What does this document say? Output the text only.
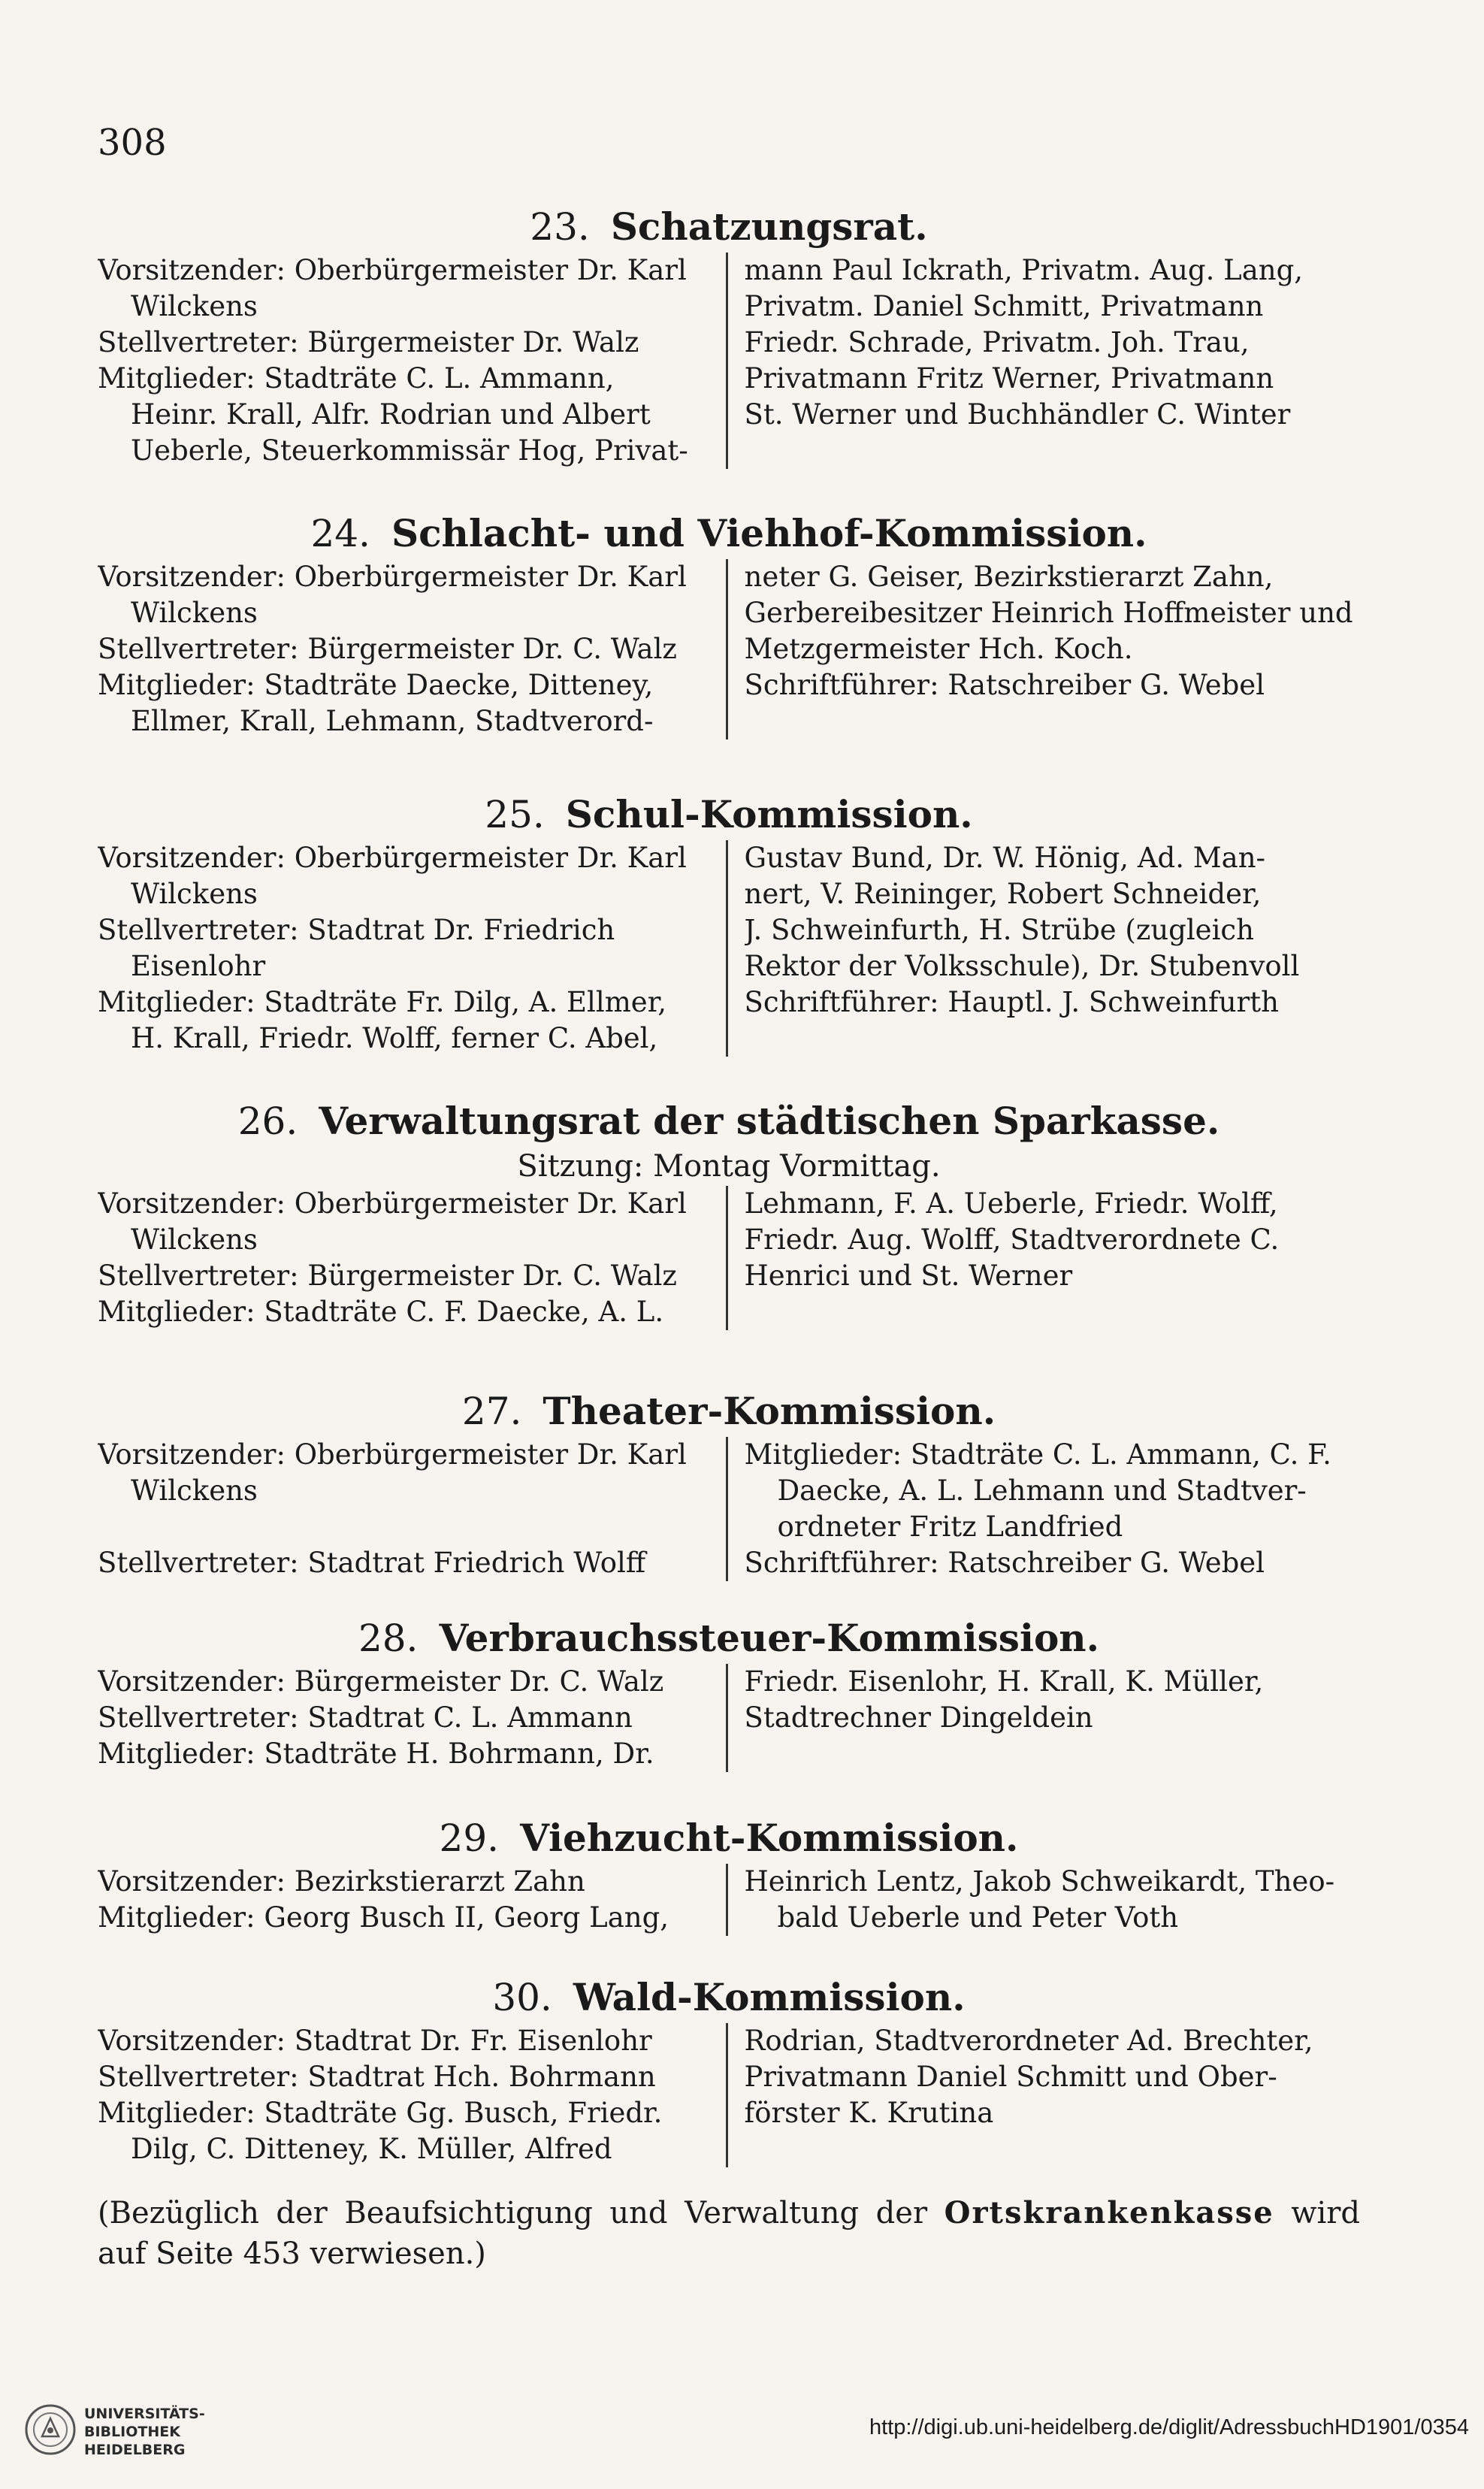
308
23. Schatzungsrat.
Vorsitzender: Oberbürgermeister Dr. Karl
Wilckens
Stellvertreter: Bürgermeister Dr. Walz
Mitglieder: Stadträte C. L. Ammann,
Heinr. Krall, Alfr. Rodrian und Albert
Ueberle, Steuerkommissär Hog, Privat-
mann Paul Ickrath, Privatm. Aug. Lang,
Privatm. Daniel Schmitt, Privatmann
Friedr. Schrade, Privatm. Joh. Trau,
Privatmann Fritz Werner, Privatmann
St. Werner und Buchhändler C. Winter
24. Schlacht- und Viehhof-Kommission.
Vorsitzender: Oberbürgermeister Dr. Karl
Wilckens
Stellvertreter: Bürgermeister Dr. C. Walz
Mitglieder: Stadträte Daecke, Ditteney,
Ellmer, Krall, Lehmann, Stadtverord-
neter G. Geiser, Bezirkstierarzt Zahn,
Gerbereibesitzer Heinrich Hoffmeister und
Metzgermeister Hch. Koch.
Schriftführer: Ratschreiber G. Webel
25. Schul-Kommission.
Vorsitzender: Oberbürgermeister Dr. Karl
Wilckens
Stellvertreter: Stadtrat Dr. Friedrich
Eisenlohr
Mitglieder: Stadträte Fr. Dilg, A. Ellmer,
H. Krall, Friedr. Wolff, ferner C. Abel,
Gustav Bund, Dr. W. Hönig, Ad. Man-
nert, V. Reininger, Robert Schneider,
J. Schweinfurth, H. Strübe (zugleich
Rektor der Volksschule), Dr. Stubenvoll
Schriftführer: Hauptl. J. Schweinfurth
26. Verwaltungsrat der städtischen Sparkasse.
Sitzung: Montag Vormittag.
Vorsitzender: Oberbürgermeister Dr. Karl
Wilckens
Stellvertreter: Bürgermeister Dr. C. Walz
Mitglieder: Stadträte C. F. Daecke, A. L.
Lehmann, F. A. Ueberle, Friedr. Wolff,
Friedr. Aug. Wolff, Stadtverordnete C.
Henrici und St. Werner
27. Theater-Kommission.
Vorsitzender: Oberbürgermeister Dr. Karl
Wilckens

Stellvertreter: Stadtrat Friedrich Wolff
Mitglieder: Stadträte C. L. Ammann, C. F.
Daecke, A. L. Lehmann und Stadtver-
ordneter Fritz Landfried
Schriftführer: Ratschreiber G. Webel
28. Verbrauchssteuer-Kommission.
Vorsitzender: Bürgermeister Dr. C. Walz
Stellvertreter: Stadtrat C. L. Ammann
Mitglieder: Stadträte H. Bohrmann, Dr.
Friedr. Eisenlohr, H. Krall, K. Müller,
Stadtrechner Dingeldein
29. Viehzucht-Kommission.
Vorsitzender: Bezirkstierarzt Zahn
Mitglieder: Georg Busch II, Georg Lang,
Heinrich Lentz, Jakob Schweikardt, Theo-
bald Ueberle und Peter Voth
30. Wald-Kommission.
Vorsitzender: Stadtrat Dr. Fr. Eisenlohr
Stellvertreter: Stadtrat Hch. Bohrmann
Mitglieder: Stadträte Gg. Busch, Friedr.
Dilg, C. Ditteney, K. Müller, Alfred
Rodrian, Stadtverordneter Ad. Brechter,
Privatmann Daniel Schmitt und Ober-
förster K. Krutina
(Bezüglich der Beaufsichtigung und Verwaltung der Ortskrankenkasse wird auf Seite 453 verwiesen.)
UNIVERSITÄTS-
BIBLIOTHEK
HEIDELBERG
http://digi.ub.uni-heidelberg.de/diglit/AdressbuchHD1901/0354
